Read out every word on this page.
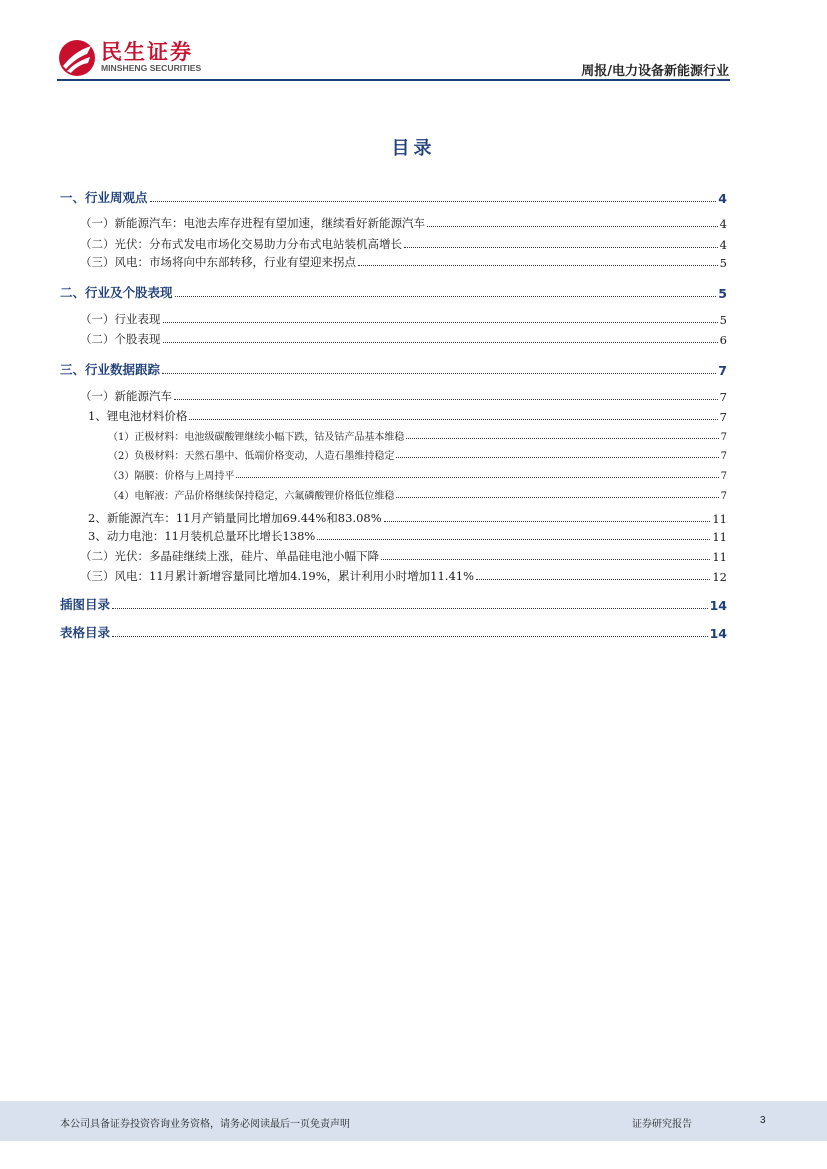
民生证券
MINSHENG SECURITIES	周报/电力设备新能源行业
目录
一、行业周观点	4
（一）新能源汽车：电池去库存进程有望加速，继续看好新能源汽车	4
（二）光伏：分布式发电市场化交易助力分布式电站装机高增长	4
（三）风电：市场将向中东部转移，行业有望迎来拐点	5
二、行业及个股表现	5
（一）行业表现	5
（二）个股表现	6
三、行业数据跟踪	7
（一）新能源汽车	7
1、锂电池材料价格	7
（1）正极材料：电池级碳酸锂继续小幅下跌，钴及钴产品基本维稳	7
（2）负极材料：天然石墨中、低端价格变动，人造石墨维持稳定	7
（3）隔膜：价格与上周持平	7
（4）电解液：产品价格继续保持稳定，六氟磷酸锂价格低位维稳	7
2、新能源汽车：11月产销量同比增加69.44%和83.08%	11
3、动力电池：11月装机总量环比增长138%	11
（二）光伏：多晶硅继续上涨，硅片、单晶硅电池小幅下降	11
（三）风电：11月累计新增容量同比增加4.19%，累计利用小时增加11.41%	12
插图目录	14
表格目录	14
本公司具备证券投资咨询业务资格，请务必阅读最后一页免责声明	证券研究报告	3
